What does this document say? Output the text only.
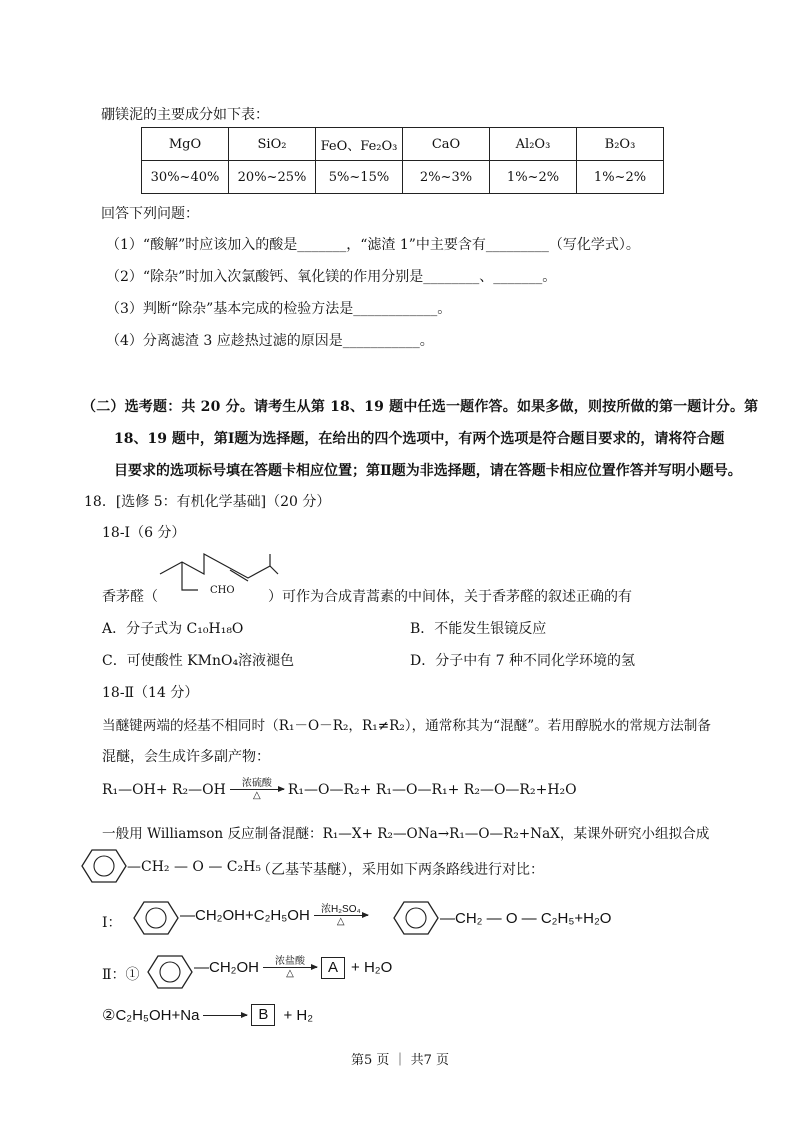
硼镁泥的主要成分如下表：
MgO	SiO₂	FeO、Fe₂O₃	CaO	Al₂O₃	B₂O₃
30%~40%	20%~25%	5%~15%	2%~3%	1%~2%	1%~2%
回答下列问题：
（1）“酸解”时应该加入的酸是_______，“滤渣 1”中主要含有_________（写化学式）。
（2）“除杂”时加入次氯酸钙、氧化镁的作用分别是________、_______。
（3）判断“除杂”基本完成的检验方法是____________。
（4）分离滤渣 3 应趁热过滤的原因是___________。
（二）选考题：共 20 分。请考生从第 18、19 题中任选一题作答。如果多做，则按所做的第一题计分。第
18、19 题中，第Ⅰ题为选择题，在给出的四个选项中，有两个选项是符合题目要求的，请将符合题
目要求的选项标号填在答题卡相应位置；第Ⅱ题为非选择题，请在答题卡相应位置作答并写明小题号。
18．[选修 5：有机化学基础]（20 分）
18-Ⅰ（6 分）
CHO
香茅醛（	）可作为合成青蒿素的中间体，关于香茅醛的叙述正确的有
A．分子式为 C₁₀H₁₈O	B．不能发生银镜反应
C．可使酸性 KMnO₄溶液褪色	D．分子中有 7 种不同化学环境的氢
18-Ⅱ（14 分）
当醚键两端的烃基不相同时（R₁－O－R₂，R₁≠R₂），通常称其为“混醚”。若用醇脱水的常规方法制备
混醚，会生成许多副产物：
R₁—OH+ R₂—OH 浓硫酸
△ R₁—O—R₂+ R₁—O—R₁+ R₂—O—R₂+H₂O
一般用 Williamson 反应制备混醚：R₁—X+ R₂—ONa→R₁—O—R₂+NaX，某课外研究小组拟合成
—CH₂ — O — C₂H₅
（乙基苄基醚），采用如下两条路线进行对比：
Ⅰ：	—CH₂OH+C₂H₅OH 浓H₂SO₄
△	—CH₂ — O — C₂H₅+H₂O
Ⅱ：①	—CH₂OH 浓盐酸
△	A + H₂O
②C₂H₅OH+Na → B	+ H₂
第5 页 ｜ 共7 页
